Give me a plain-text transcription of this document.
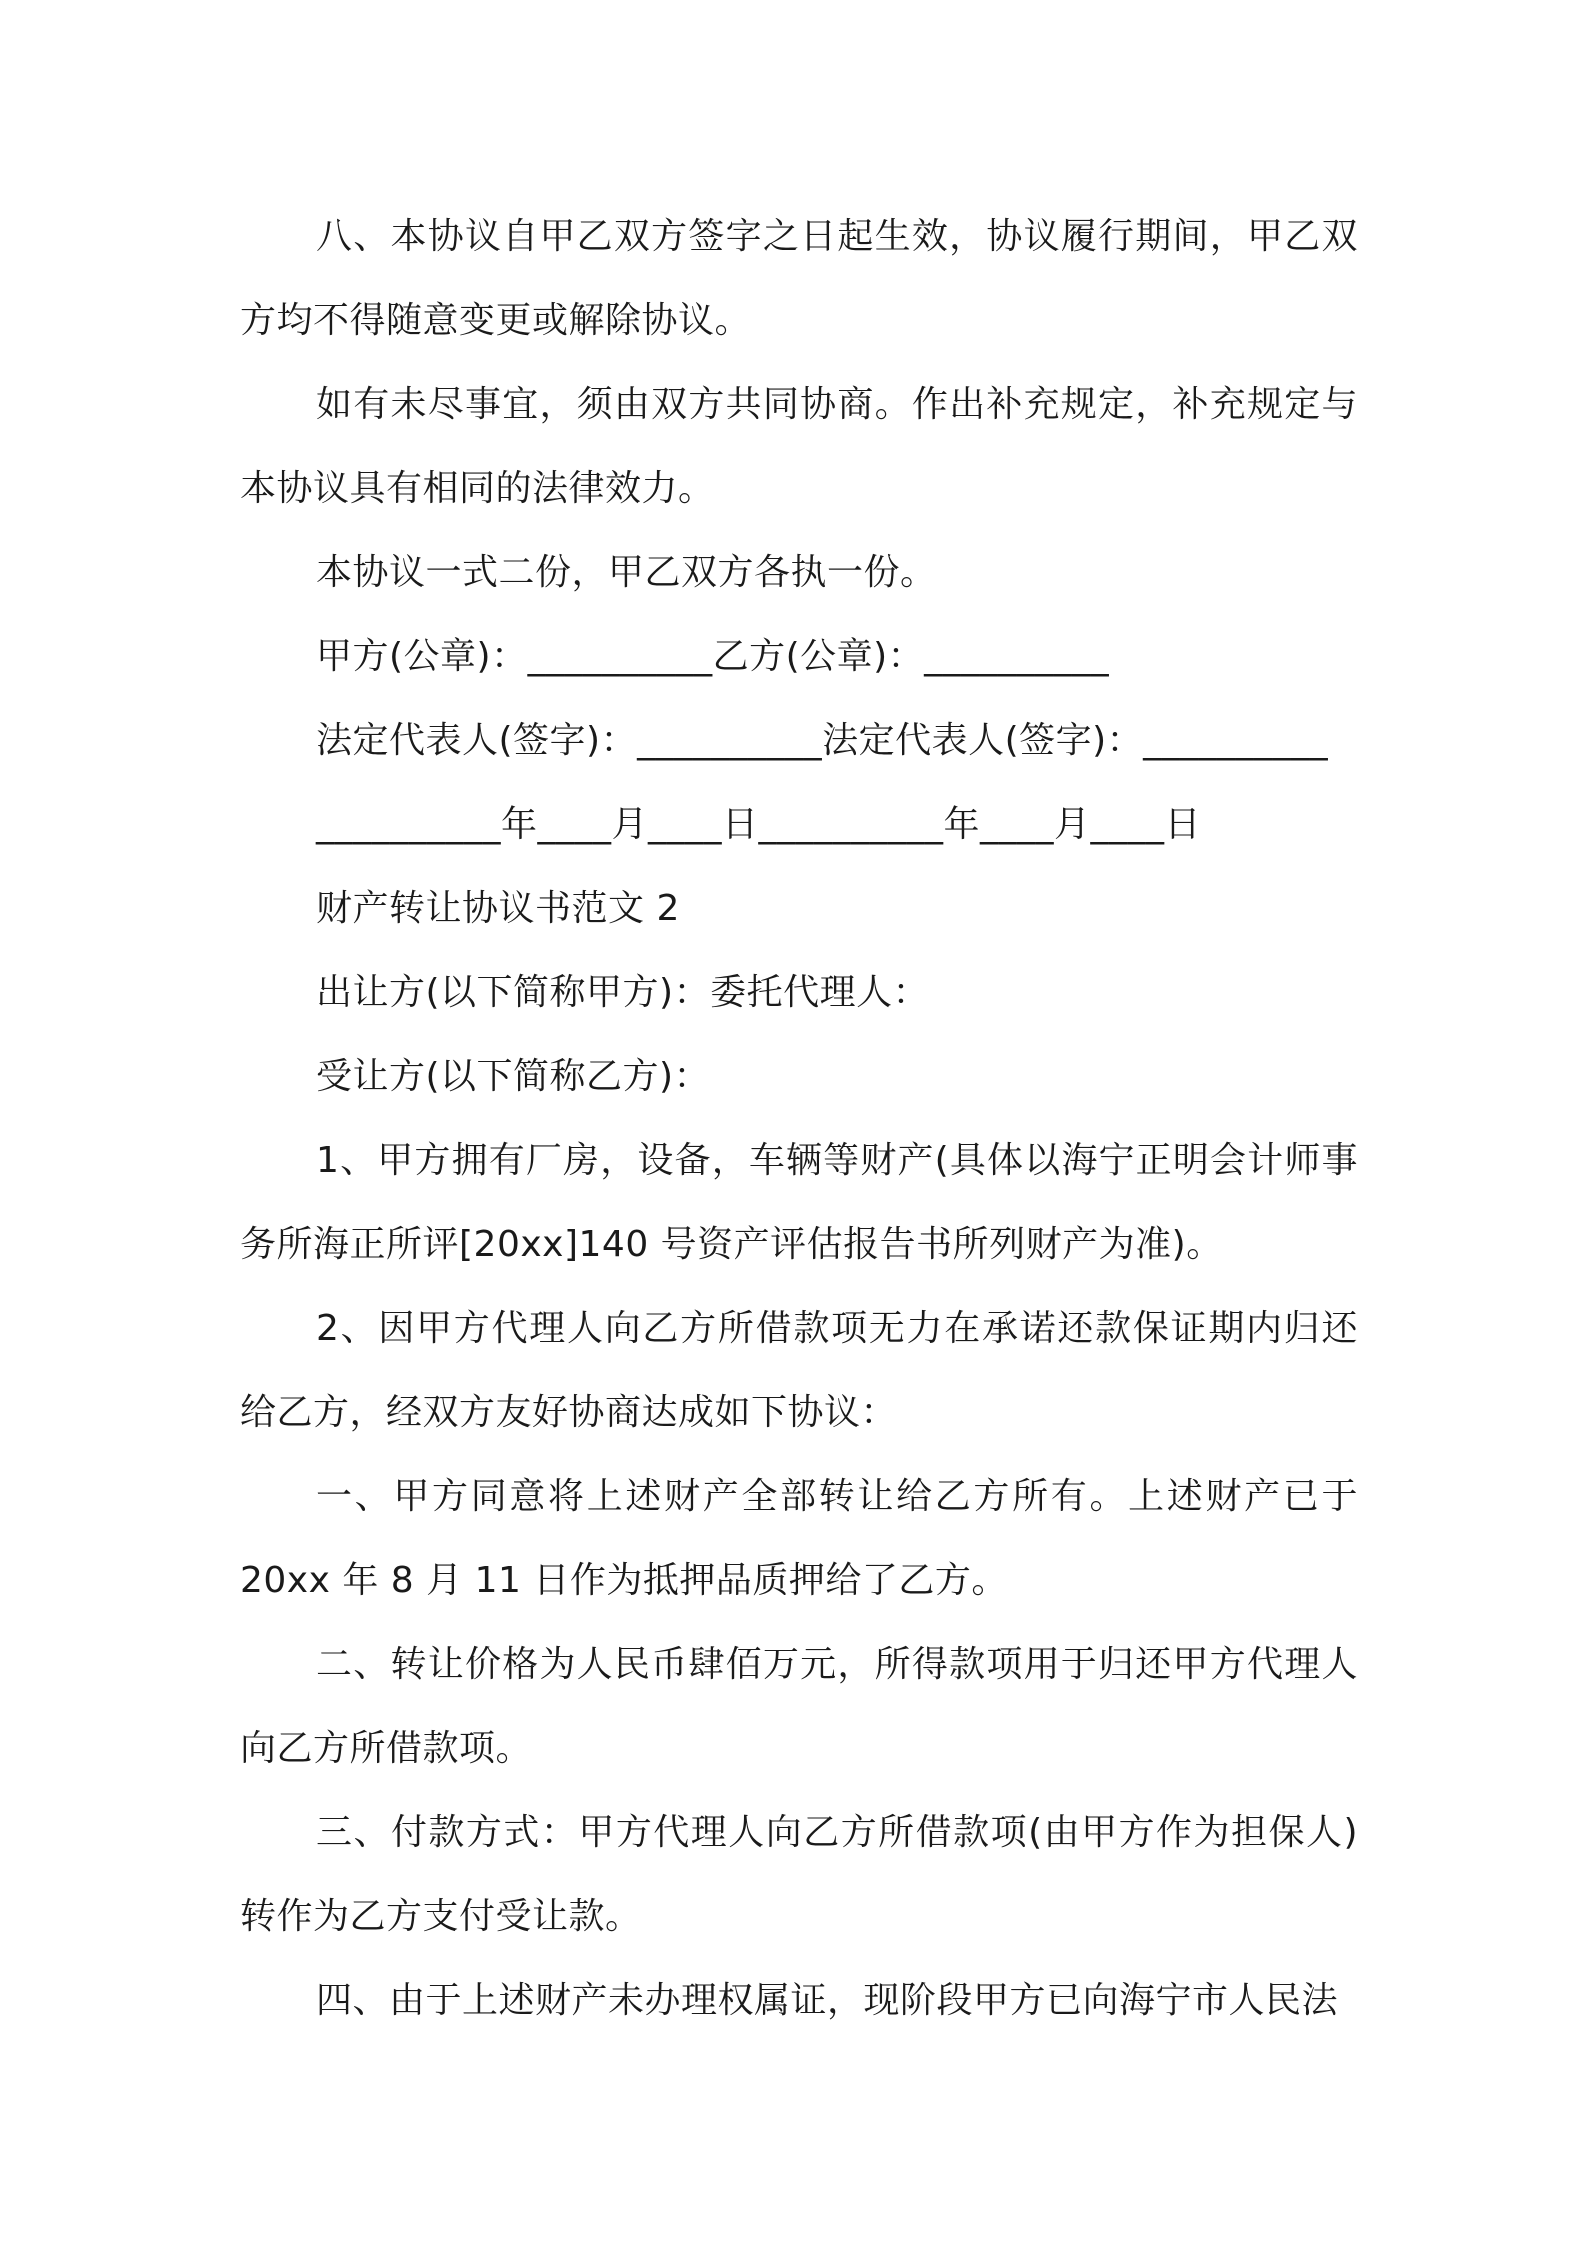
八、本协议自甲乙双方签字之日起生效，协议履行期间，甲乙双方均不得随意变更或解除协议。

如有未尽事宜，须由双方共同协商。作出补充规定，补充规定与本协议具有相同的法律效力。

本协议一式二份，甲乙双方各执一份。

甲方(公章)：__________乙方(公章)：__________

法定代表人(签字)：__________法定代表人(签字)：__________

__________年____月____日__________年____月____日

财产转让协议书范文 2

出让方(以下简称甲方)：委托代理人：

受让方(以下简称乙方)：

1、甲方拥有厂房，设备，车辆等财产(具体以海宁正明会计师事务所海正所评[20xx]140 号资产评估报告书所列财产为准)。

2、因甲方代理人向乙方所借款项无力在承诺还款保证期内归还给乙方，经双方友好协商达成如下协议：

一、甲方同意将上述财产全部转让给乙方所有。上述财产已于 20xx 年 8 月 11 日作为抵押品质押给了乙方。

二、转让价格为人民币肆佰万元，所得款项用于归还甲方代理人向乙方所借款项。

三、付款方式：甲方代理人向乙方所借款项(由甲方作为担保人)转作为乙方支付受让款。

四、由于上述财产未办理权属证，现阶段甲方已向海宁市人民法
